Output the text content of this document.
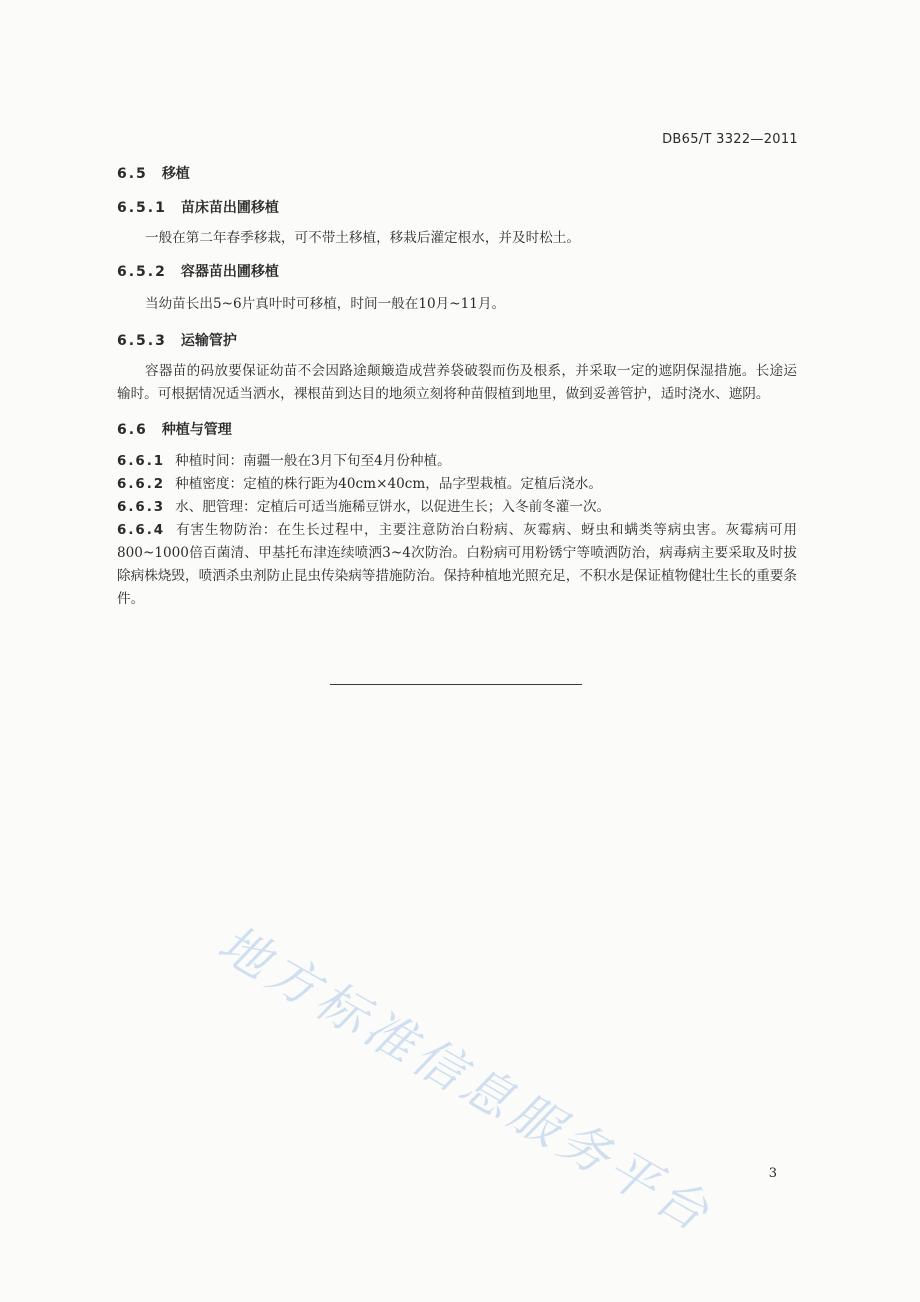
DB65/T 3322—2011

6.5 移植

6.5.1 苗床苗出圃移植

一般在第二年春季移栽，可不带土移植，移栽后灌定根水，并及时松土。

6.5.2 容器苗出圃移植

当幼苗长出5~6片真叶时可移植，时间一般在10月~11月。

6.5.3 运输管护

容器苗的码放要保证幼苗不会因路途颠簸造成营养袋破裂而伤及根系，并采取一定的遮阴保湿措施。长途运输时。可根据情况适当洒水，裸根苗到达目的地须立刻将种苗假植到地里，做到妥善管护，适时浇水、遮阴。

6.6 种植与管理

6.6.1 种植时间：南疆一般在3月下旬至4月份种植。

6.6.2 种植密度：定植的株行距为40cm×40cm，品字型栽植。定植后浇水。

6.6.3 水、肥管理：定植后可适当施稀豆饼水，以促进生长；入冬前冬灌一次。

6.6.4 有害生物防治：在生长过程中，主要注意防治白粉病、灰霉病、蚜虫和螨类等病虫害。灰霉病可用800~1000倍百菌清、甲基托布津连续喷洒3~4次防治。白粉病可用粉锈宁等喷洒防治，病毒病主要采取及时拔除病株烧毁，喷洒杀虫剂防止昆虫传染病等措施防治。保持种植地光照充足，不积水是保证植物健壮生长的重要条件。

地方标准信息服务平台	3
